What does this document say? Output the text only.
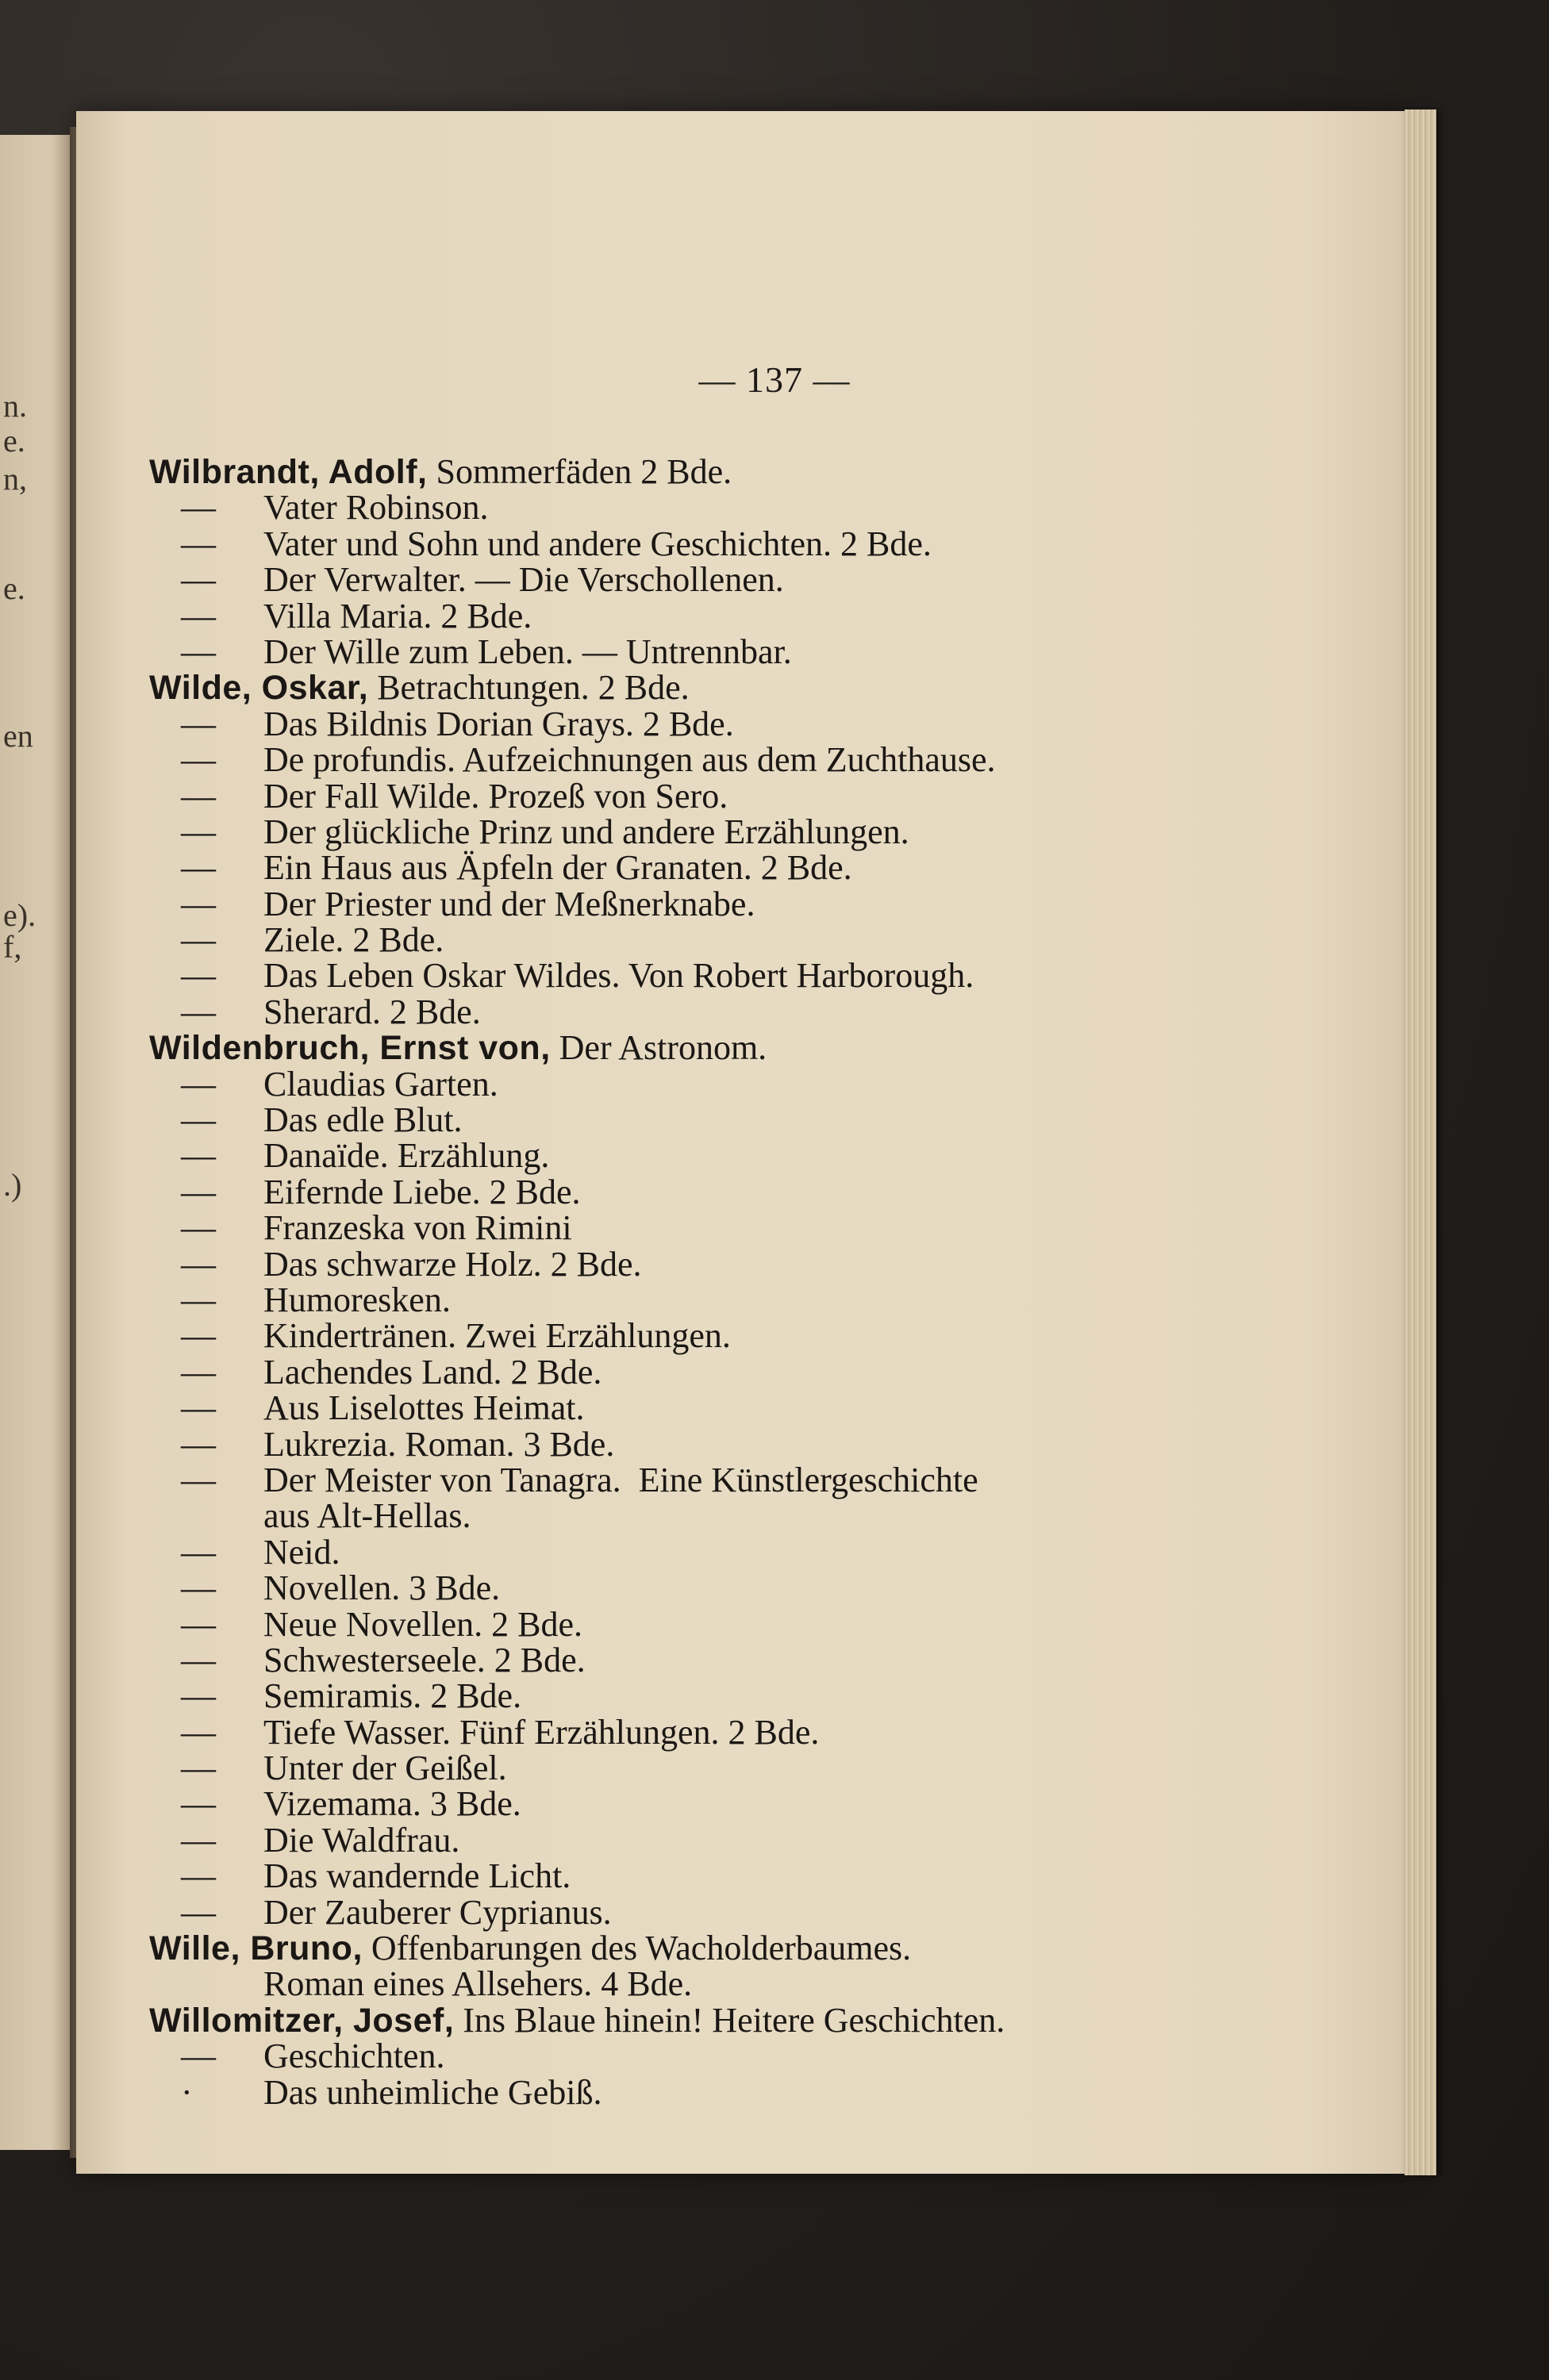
n.
e.
n,
e.
en
e).
f,
.)
— 137 —
Wilbrandt, Adolf, Sommerfäden 2 Bde.
— Vater Robinson.
— Vater und Sohn und andere Geschichten. 2 Bde.
— Der Verwalter. — Die Verschollenen.
— Villa Maria. 2 Bde.
— Der Wille zum Leben. — Untrennbar.
Wilde, Oskar, Betrachtungen. 2 Bde.
— Das Bildnis Dorian Grays. 2 Bde.
— De profundis. Aufzeichnungen aus dem Zuchthause.
— Der Fall Wilde. Prozeß von Sero.
— Der glückliche Prinz und andere Erzählungen.
— Ein Haus aus Äpfeln der Granaten. 2 Bde.
— Der Priester und der Meßnerknabe.
— Ziele. 2 Bde.
— Das Leben Oskar Wildes. Von Robert Harborough.
— Sherard. 2 Bde.
Wildenbruch, Ernst von, Der Astronom.
— Claudias Garten.
— Das edle Blut.
— Danaïde. Erzählung.
— Eifernde Liebe. 2 Bde.
— Franzeska von Rimini
— Das schwarze Holz. 2 Bde.
— Humoresken.
— Kindertränen. Zwei Erzählungen.
— Lachendes Land. 2 Bde.
— Aus Liselottes Heimat.
— Lukrezia. Roman. 3 Bde.
— Der Meister von Tanagra.  Eine Künstlergeschichte
aus Alt-Hellas.
— Neid.
— Novellen. 3 Bde.
— Neue Novellen. 2 Bde.
— Schwesterseele. 2 Bde.
— Semiramis. 2 Bde.
— Tiefe Wasser. Fünf Erzählungen. 2 Bde.
— Unter der Geißel.
— Vizemama. 3 Bde.
— Die Waldfrau.
— Das wandernde Licht.
— Der Zauberer Cyprianus.
Wille, Bruno, Offenbarungen des Wacholderbaumes.
Roman eines Allsehers. 4 Bde.
Willomitzer, Josef, Ins Blaue hinein! Heitere Geschichten.
— Geschichten.
· Das unheimliche Gebiß.
